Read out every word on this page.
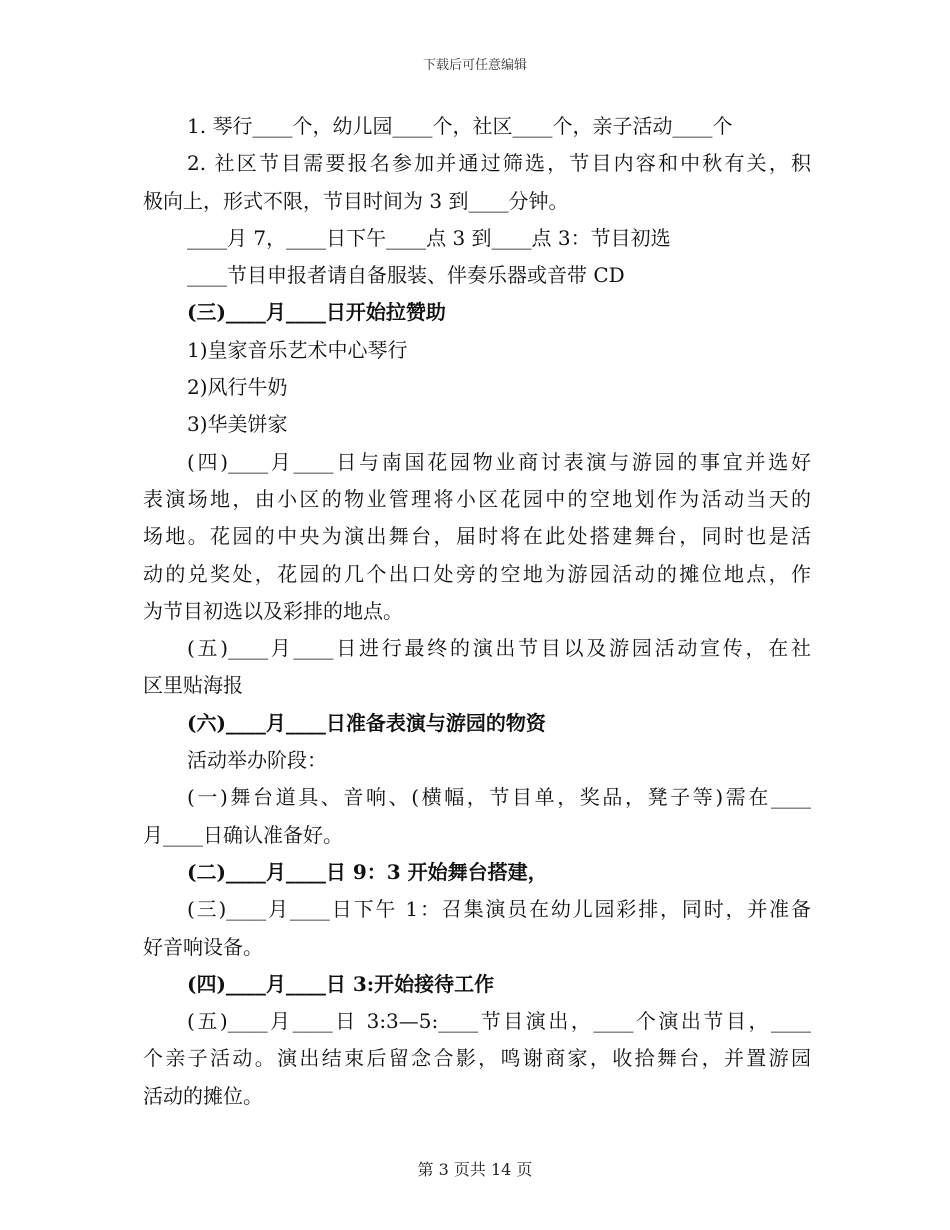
下载后可任意编辑
1. 琴行____个，幼儿园____个，社区____个，亲子活动____个
2. 社区节目需要报名参加并通过筛选，节目内容和中秋有关，积
极向上，形式不限，节目时间为 3 到____分钟。
____月 7，____日下午____点 3 到____点 3：节目初选
____节目申报者请自备服装、伴奏乐器或音带 CD
(三)____月____日开始拉赞助
1)皇家音乐艺术中心琴行
2)风行牛奶
3)华美饼家
(四)____月____日与南国花园物业商讨表演与游园的事宜并选好
表演场地，由小区的物业管理将小区花园中的空地划作为活动当天的
场地。花园的中央为演出舞台，届时将在此处搭建舞台，同时也是活
动的兑奖处，花园的几个出口处旁的空地为游园活动的摊位地点，作
为节目初选以及彩排的地点。
(五)____月____日进行最终的演出节目以及游园活动宣传，在社
区里贴海报
(六)____月____日准备表演与游园的物资
活动举办阶段：
(一)舞台道具、音响、(横幅，节目单，奖品，凳子等)需在____
月____日确认准备好。
(二)____月____日 9：3 开始舞台搭建，
(三)____月____日下午 1：召集演员在幼儿园彩排，同时，并准备
好音响设备。
(四)____月____日 3:开始接待工作
(五)____月____日 3:3—5:____节目演出，____个演出节目，____
个亲子活动。演出结束后留念合影，鸣谢商家，收拾舞台，并置游园
活动的摊位。
第 3 页共 14 页
